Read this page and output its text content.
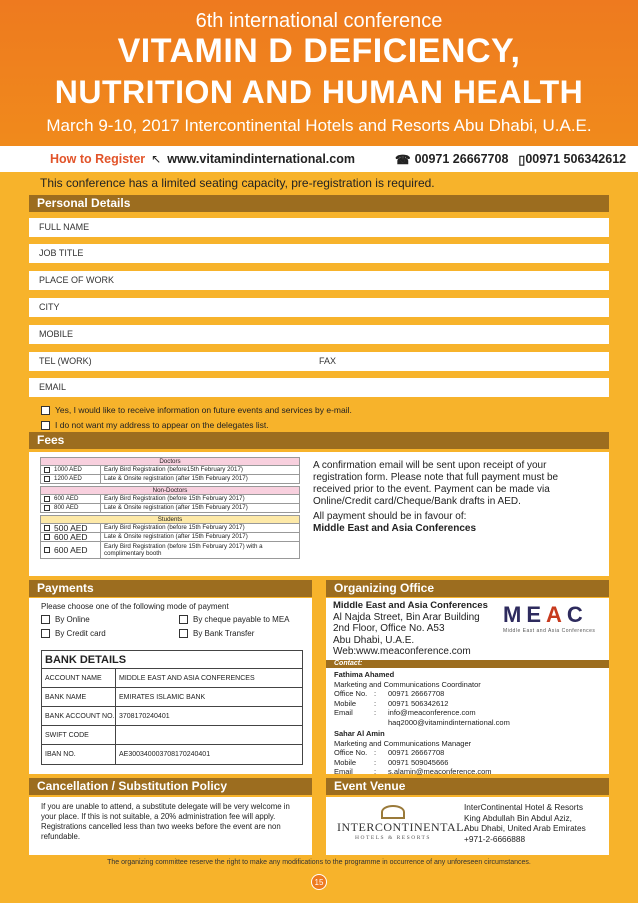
6th international conference
VITAMIN D DEFICIENCY,
NUTRITION AND HUMAN HEALTH
March 9-10, 2017 Intercontinental Hotels and Resorts Abu Dhabi, U.A.E.
How to Register ↖ www.vitamindinternational.com	☎ 00971 26667708 ▯ 00971 506342612
This conference has a limited seating capacity, pre-registration is required.
Personal Details
FULL NAME
JOB TITLE
PLACE OF WORK
CITY
MOBILE
TEL (WORK)	FAX
EMAIL
Yes, I would like to receive information on future events and services by e-mail.
I do not want my address to appear on the delegates list.
Fees
Doctors
1000 AED	Early Bird Registration (before15th February 2017)
1200 AED	Late & Onsite registration (after 15th February 2017)
Non-Doctors
600 AED	Early Bird Registration (before 15th February 2017)
800 AED	Late & Onsite registration (after 15th February 2017)
Students
500 AED	Early Bird Registration (before 15th February 2017)
600 AED	Late & Onsite registration (after 15th February 2017)
600 AED	Early Bird Registration (before 15th February 2017) with a complimentary booth

A confirmation email will be sent upon receipt of your registration form. Please note that full payment must be received prior to the event. Payment can be made via Online/Credit card/Cheque/Bank drafts in AED.

All payment should be in favour of:

Middle East and Asia Conferences

Payments
Please choose one of the following mode of payment
By Online	By cheque payable to MEA
By Credit card	By Bank Transfer
BANK DETAILS
ACCOUNT NAME	MIDDLE EAST AND ASIA CONFERENCES
BANK NAME	EMIRATES ISLAMIC BANK
BANK ACCOUNT NO. 3708170240401
SWIFT CODE
IBAN NO.	AE300340003708170240401
Organizing Office
Middle East and Asia Conferences
Al Najda Street, Bin Arar Building
2nd Floor, Office No. A53
Abu Dhabi, U.A.E.
Web:www.meaconference.com
MEAC
Middle East and Asia Conferences
Contact:
Fathima Ahamed
Marketing and Communications Coordinator
Office No. :	00971 26667708
Mobile	:	00971 506342612
Email	:	info@meaconference.com
haq2000@vitamindinternational.com
Sahar Al Amin
Marketing and Communications Manager
Office No. :	00971 26667708
Mobile	:	00971 509045666
Email	:	s.alamin@meaconference.com
Cancellation / Substitution Policy
If you are unable to attend, a substitute delegate will be very welcome in your place. If this is not suitable, a 20% administration fee will apply. Registrations cancelled less than two weeks before the event are non refundable.
Event Venue
INTERCONTINENTAL.
HOTELS & RESORTS
InterContinental Hotel & Resorts
King Abdullah Bin Abdul Aziz,
Abu Dhabi, United Arab Emirates
+971-2-6666888
The organizing committee reserve the right to make any modifications to the programme in occurrence of any unforeseen circumstances.
15
